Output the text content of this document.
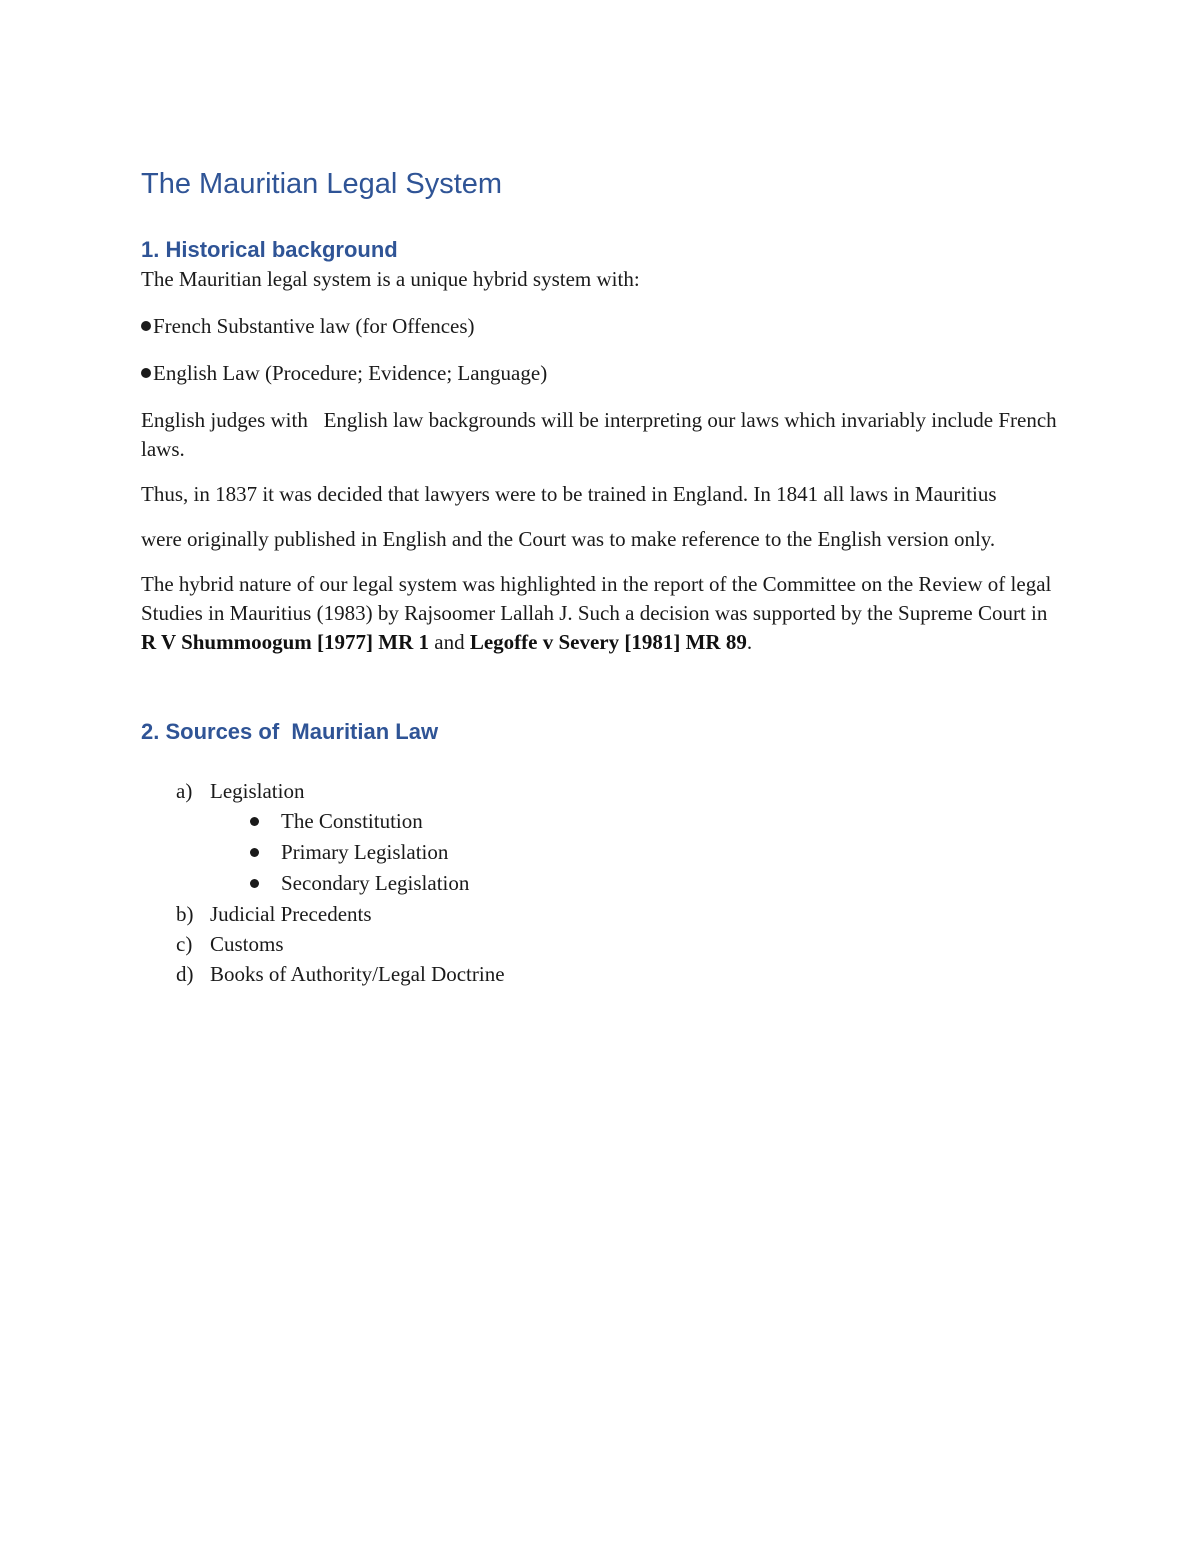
The Mauritian Legal System
1. Historical background

The Mauritian legal system is a unique hybrid system with:

French Substantive law (for Offences)
English Law (Procedure; Evidence; Language)

English judges with   English law backgrounds will be interpreting our laws which invariably include French laws.

Thus, in 1837 it was decided that lawyers were to be trained in England. In 1841 all laws in Mauritius

were originally published in English and the Court was to make reference to the English version only.

The hybrid nature of our legal system was highlighted in the report of the Committee on the Review of legal Studies in Mauritius (1983) by Rajsoomer Lallah J. Such a decision was supported by the Supreme Court in R V Shummoogum [1977] MR 1 and Legoffe v Severy [1981] MR 89.

2. Sources of  Mauritian Law
a) Legislation
The Constitution
Primary Legislation
Secondary Legislation
b) Judicial Precedents
c) Customs
d) Books of Authority/Legal Doctrine
